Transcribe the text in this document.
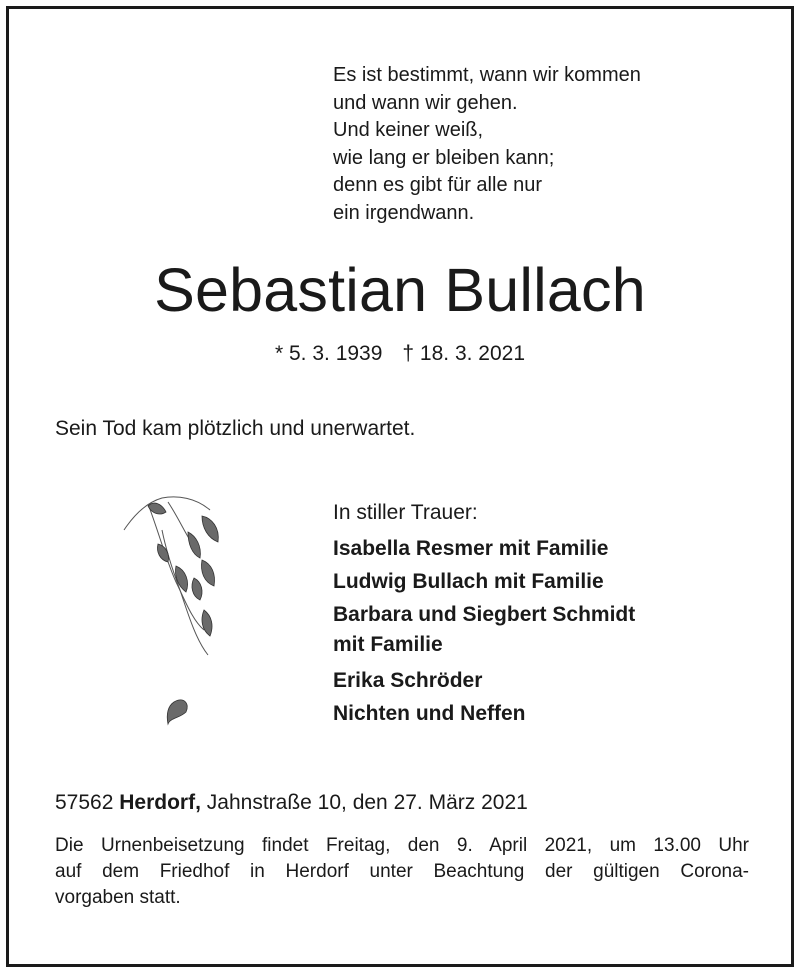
Es ist bestimmt, wann wir kommen
und wann wir gehen.
Und keiner weiß,
wie lang er bleiben kann;
denn es gibt für alle nur
ein irgendwann.
Sebastian Bullach
* 5. 3. 1939 † 18. 3. 2021
Sein Tod kam plötzlich und unerwartet.
In stiller Trauer:
Isabella Resmer mit Familie
Ludwig Bullach mit Familie
Barbara und Siegbert Schmidt
mit Familie
Erika Schröder
Nichten und Neffen
57562 Herdorf, Jahnstraße 10, den 27. März 2021
Die Urnenbeisetzung findet Freitag, den 9. April 2021, um 13.00 Uhr
auf dem Friedhof in Herdorf unter Beachtung der gültigen Corona-
vorgaben statt.
